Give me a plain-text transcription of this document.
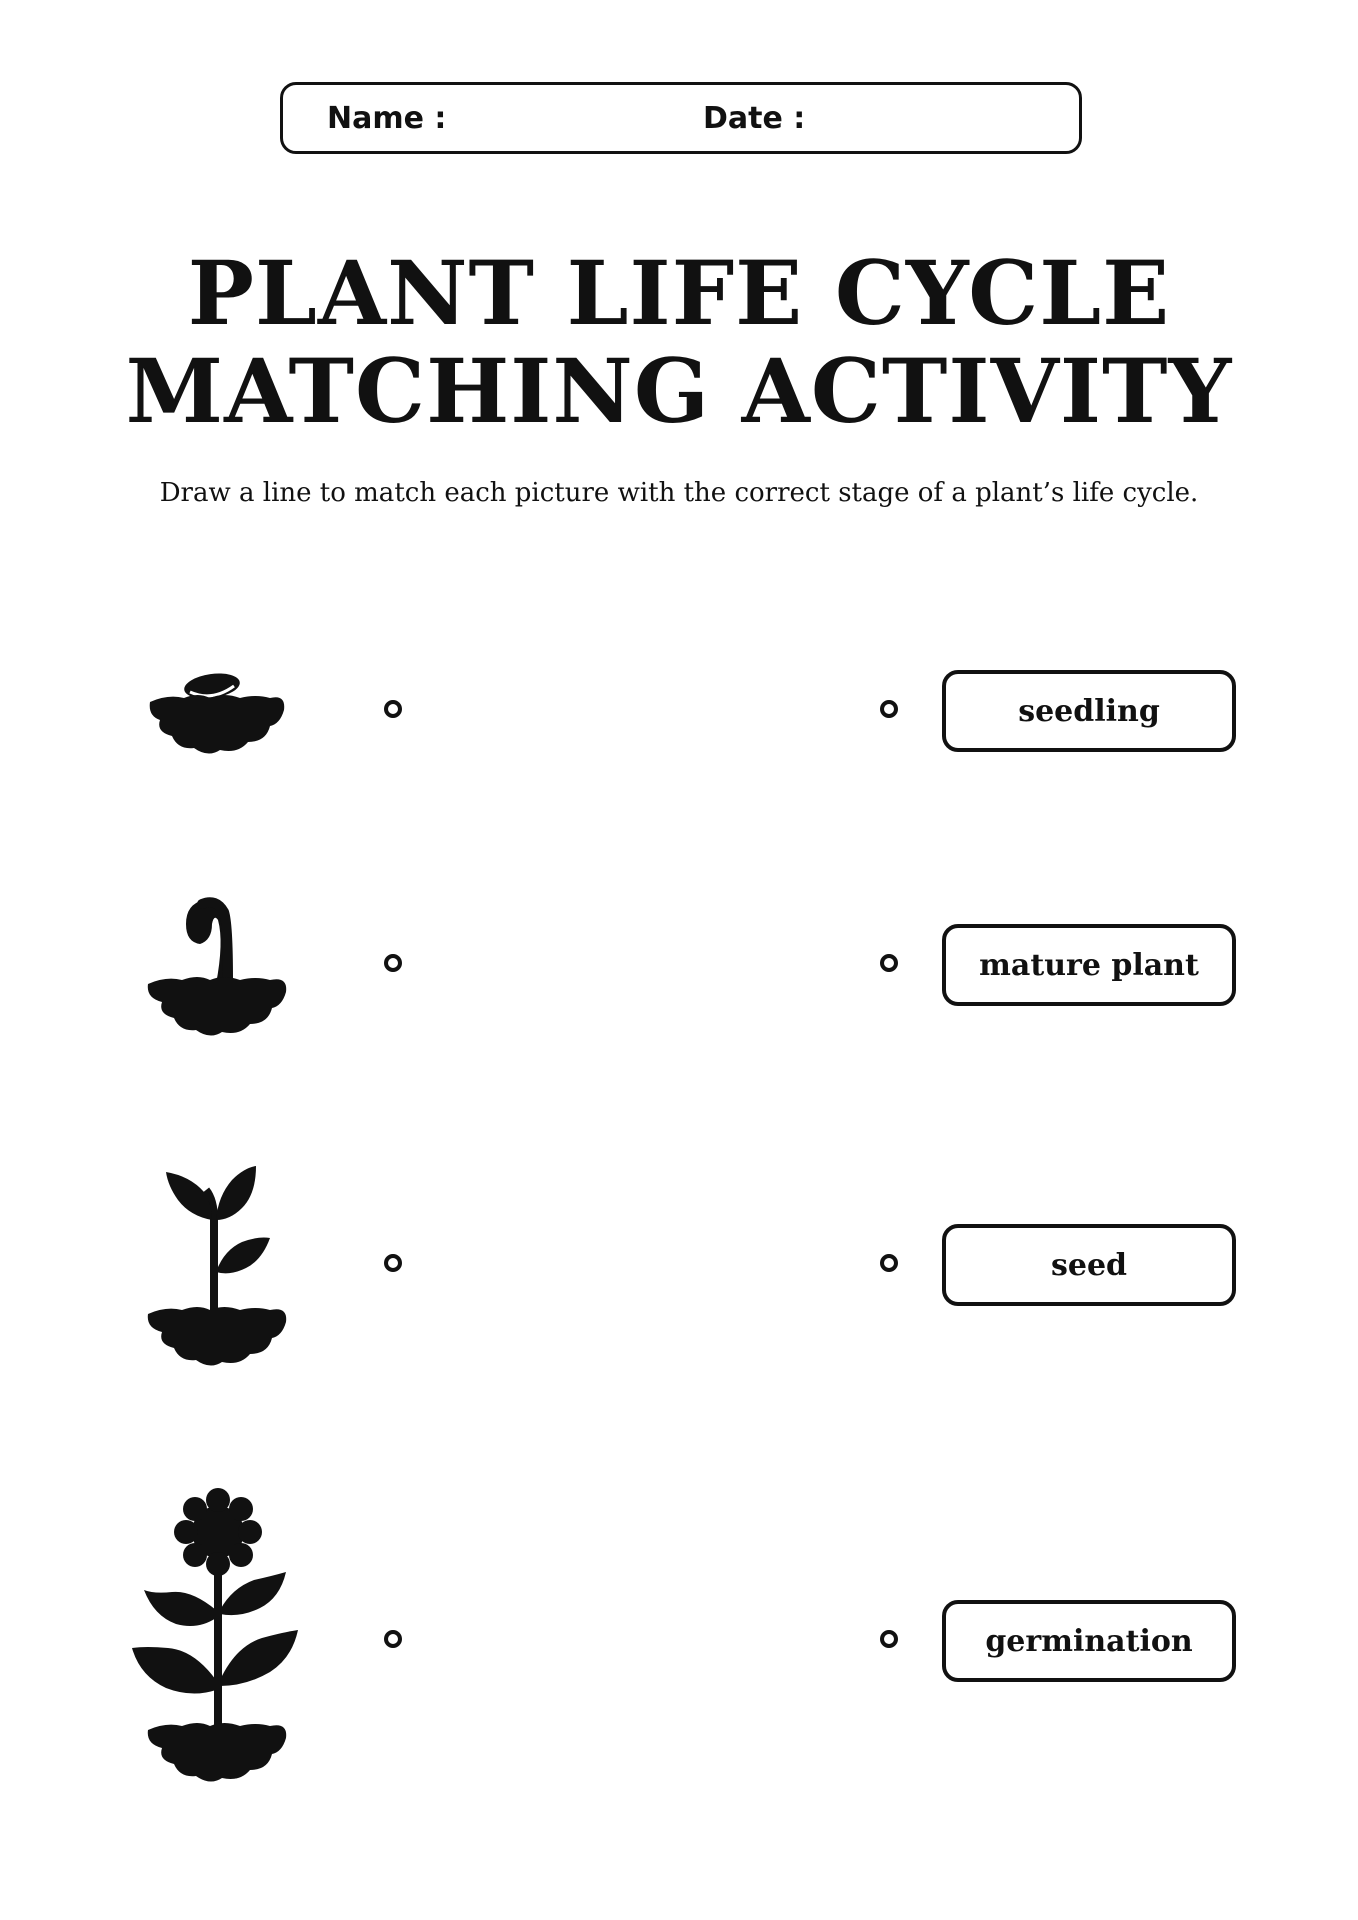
Name :	Date :
PLANT LIFE CYCLE
MATCHING ACTIVITY
Draw a line to match each picture with the correct stage of a plant’s life cycle.
seedling
mature plant
seed
germination
